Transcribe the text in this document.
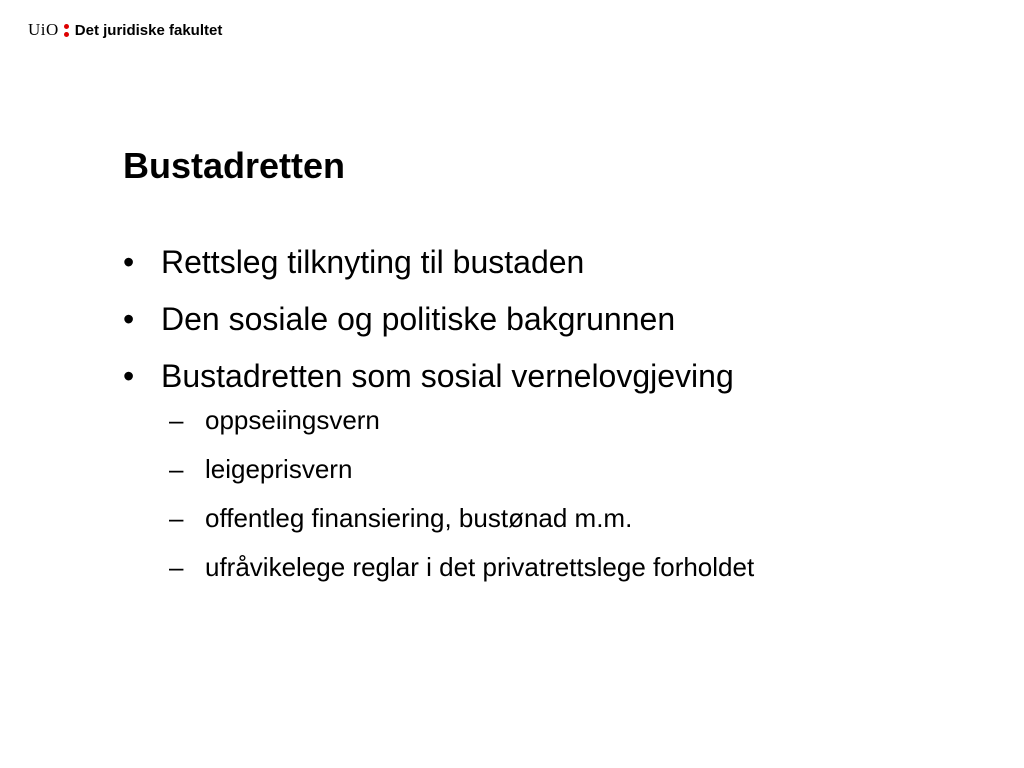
UiO Det juridiske fakultet
Bustadretten
• Rettsleg tilknyting til bustaden
• Den sosiale og politiske bakgrunnen
• Bustadretten som sosial vernelovgjeving
– oppseiingsvern
– leigeprisvern
– offentleg finansiering, bustønad m.m.
– ufråvikelege reglar i det privatrettslege forholdet
